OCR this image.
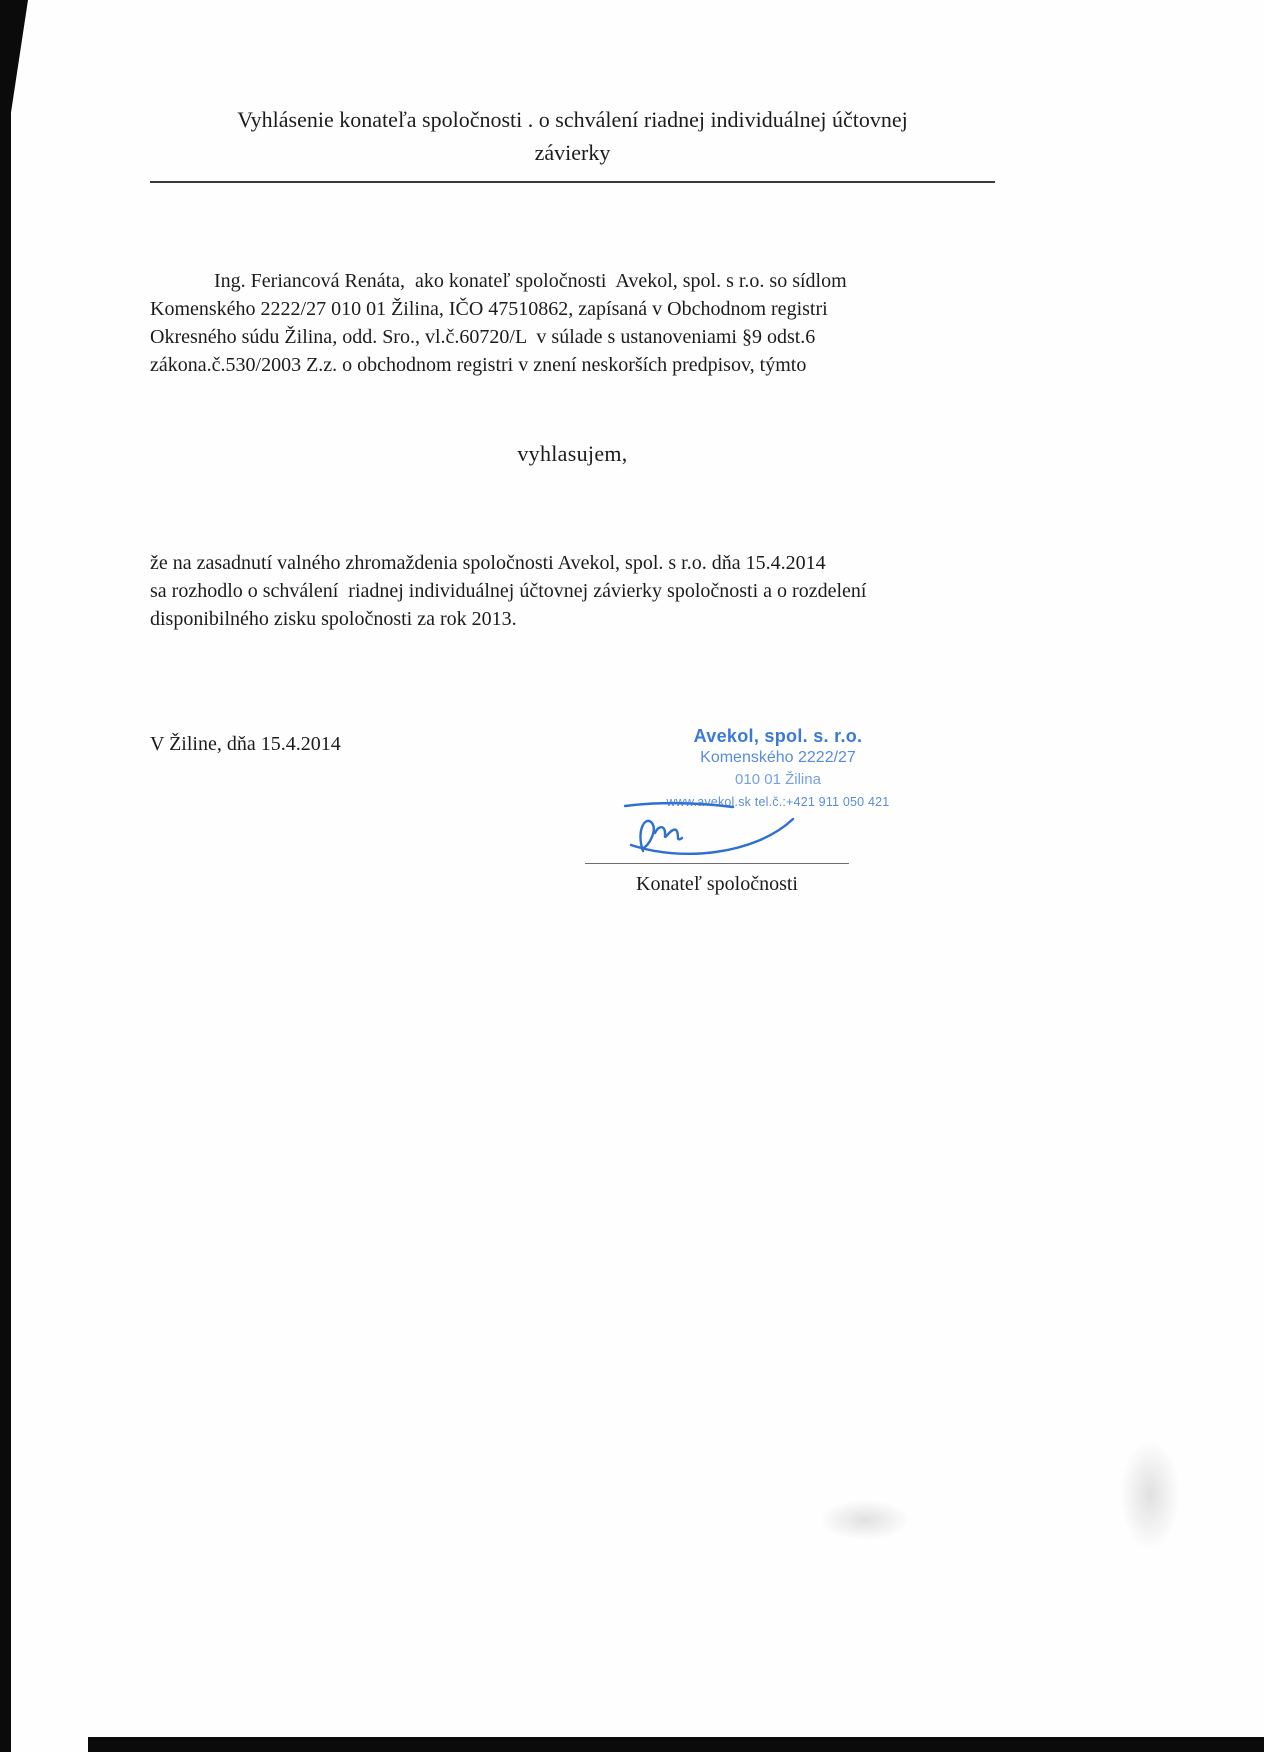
Vyhlásenie konateľa spoločnosti . o schválení riadnej individuálnej účtovnej
závierky
Ing. Feriancová Renáta,  ako konateľ spoločnosti  Avekol, spol. s r.o. so sídlom
Komenského 2222/27 010 01 Žilina, IČO 47510862, zapísaná v Obchodnom registri
Okresného súdu Žilina, odd. Sro., vl.č.60720/L  v súlade s ustanoveniami §9 odst.6
zákona.č.530/2003 Z.z. o obchodnom registri v znení neskorších predpisov, týmto
vyhlasujem,
že na zasadnutí valného zhromaždenia spoločnosti Avekol, spol. s r.o. dňa 15.4.2014
sa rozhodlo o schválení  riadnej individuálnej účtovnej závierky spoločnosti a o rozdelení
disponibilného zisku spoločnosti za rok 2013.
V Žiline, dňa 15.4.2014	Avekol, spol. s. r.o.
Komenského 2222/27
010 01 Žilina
www.avekol.sk tel.č.:+421 911 050 421
Konateľ spoločnosti
